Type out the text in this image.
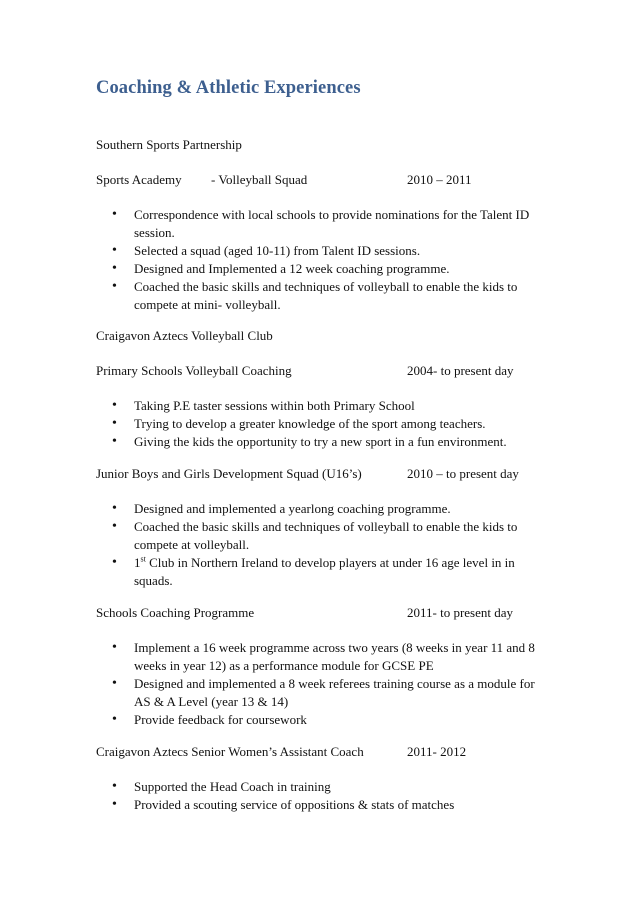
Coaching & Athletic Experiences
Southern Sports Partnership
Sports Academy - Volleyball Squad	2010 – 2011
• Correspondence with local schools to provide nominations for the Talent ID session.
• Selected a squad (aged 10-11) from Talent ID sessions.
• Designed and Implemented a 12 week coaching programme.
• Coached the basic skills and techniques of volleyball to enable the kids to compete at mini- volleyball.
Craigavon Aztecs Volleyball Club
Primary Schools Volleyball Coaching	2004- to present day
• Taking P.E taster sessions within both Primary School
• Trying to develop a greater knowledge of the sport among teachers.
• Giving the kids the opportunity to try a new sport in a fun environment.
Junior Boys and Girls Development Squad (U16’s)	2010 – to present day
• Designed and implemented a yearlong coaching programme.
• Coached the basic skills and techniques of volleyball to enable the kids to compete at volleyball.
• 1st Club in Northern Ireland to develop players at under 16 age level in in squads.
Schools Coaching Programme	2011- to present day
• Implement a 16 week programme across two years (8 weeks in year 11 and 8 weeks in year 12) as a performance module for GCSE PE
• Designed and implemented a 8 week referees training course as a module for AS & A Level (year 13 & 14)
• Provide feedback for coursework
Craigavon Aztecs Senior Women’s Assistant Coach	2011- 2012
• Supported the Head Coach in training
• Provided a scouting service of oppositions & stats of matches
